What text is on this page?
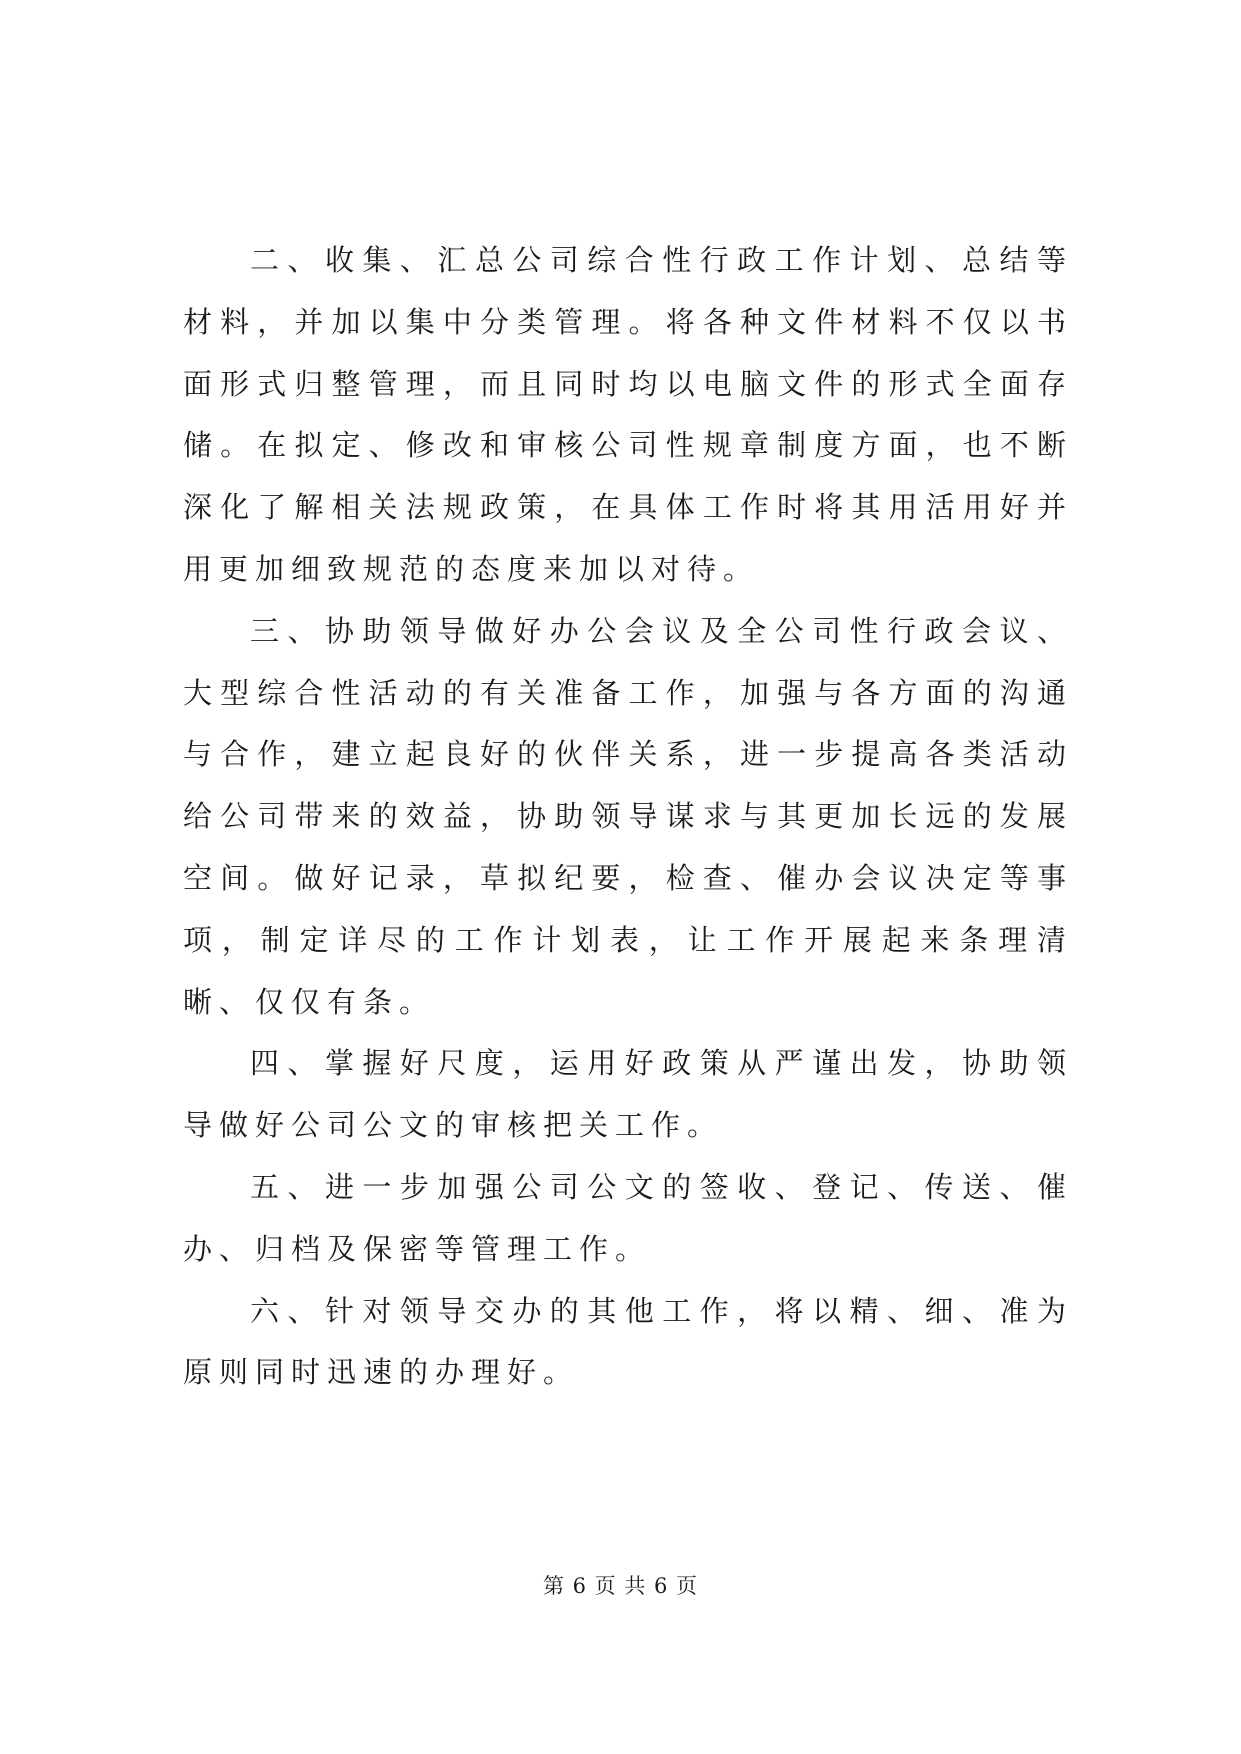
二、收集、汇总公司综合性行政工作计划、总结等材料，并加以集中分类管理。将各种文件材料不仅以书面形式归整管理，而且同时均以电脑文件的形式全面存储。在拟定、修改和审核公司性规章制度方面，也不断深化了解相关法规政策，在具体工作时将其用活用好并用更加细致规范的态度来加以对待。

三、协助领导做好办公会议及全公司性行政会议、大型综合性活动的有关准备工作，加强与各方面的沟通与合作，建立起良好的伙伴关系，进一步提高各类活动给公司带来的效益，协助领导谋求与其更加长远的发展空间。做好记录，草拟纪要，检查、催办会议决定等事项，制定详尽的工作计划表，让工作开展起来条理清晰、仅仅有条。

四、掌握好尺度，运用好政策从严谨出发，协助领导做好公司公文的审核把关工作。

五、进一步加强公司公文的签收、登记、传送、催办、归档及保密等管理工作。

六、针对领导交办的其他工作，将以精、细、准为原则同时迅速的办理好。

第 6 页 共 6 页
